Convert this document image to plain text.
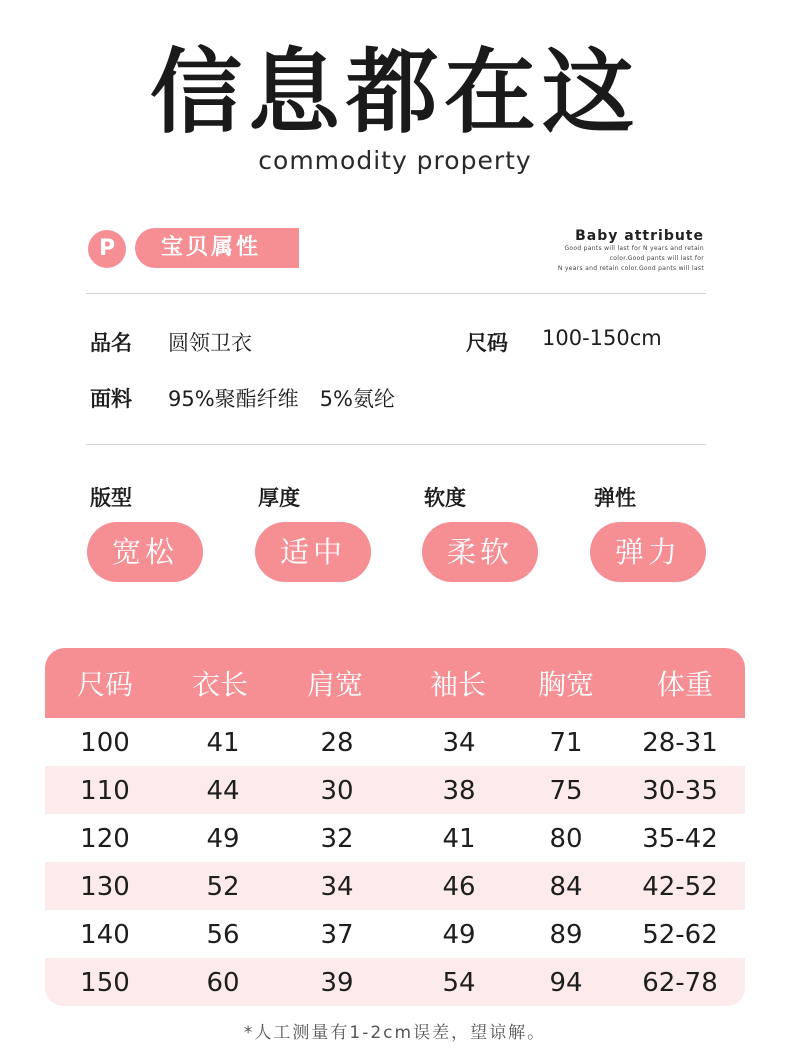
信息都在这
commodity property
P	宝贝属性	Baby attribute
Good pants will last for N years and retain
color.Good pants will last for
N years and retain color.Good pants will last
品名 圆领卫衣	尺码 100-150cm
面料 95%聚酯纤维　5%氨纶
版型	厚度	软度	弹性
宽松	适中	柔软	弹力
尺码	衣长	肩宽	袖长	胸宽	体重
100	41	28	34	71	28-31
110	44	30	38	75	30-35
120	49	32	41	80	35-42
130	52	34	46	84	42-52
140	56	37	49	89	52-62
150	60	39	54	94	62-78
*人工测量有1-2cm误差，望谅解。
